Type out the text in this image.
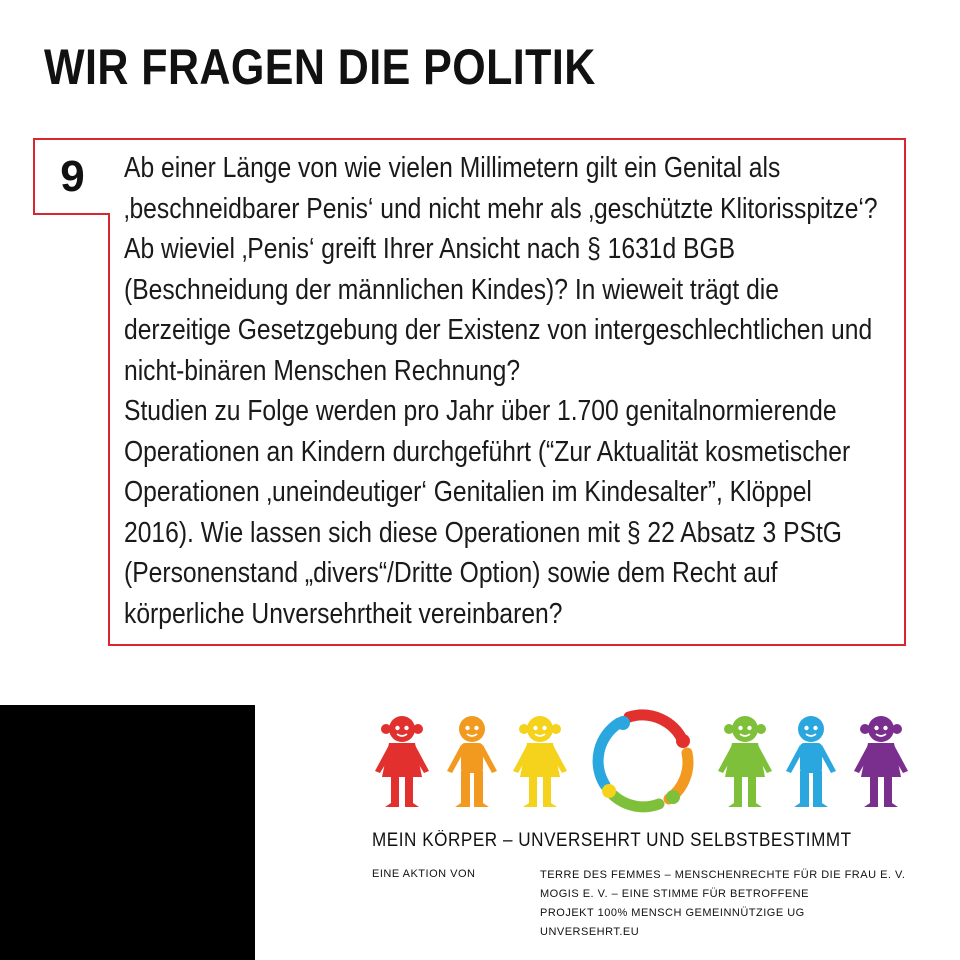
WIR FRAGEN DIE POLITIK
9 Ab einer Länge von wie vielen Millimetern gilt ein Genital als
‚beschneidbarer Penis‘ und nicht mehr als ‚geschützte Klitorisspitze‘?
Ab wieviel ‚Penis‘ greift Ihrer Ansicht nach § 1631d BGB
(Beschneidung der männlichen Kindes)? In wieweit trägt die
derzeitige Gesetzgebung der Existenz von intergeschlechtlichen und
nicht-binären Menschen Rechnung?
Studien zu Folge werden pro Jahr über 1.700 genitalnormierende
Operationen an Kindern durchgeführt (“Zur Aktualität kosmetischer
Operationen ‚uneindeutiger‘ Genitalien im Kindesalter”, Klöppel
2016). Wie lassen sich diese Operationen mit § 22 Absatz 3 PStG
(Personenstand „divers“/Dritte Option) sowie dem Recht auf
körperliche Unversehrtheit vereinbaren?
MEIN KÖRPER – UNVERSEHRT UND SELBSTBESTIMMT
EINE AKTION VON	TERRE DES FEMMES – MENSCHENRECHTE FÜR DIE FRAU E. V.
MOGIS E. V. – EINE STIMME FÜR BETROFFENE
PROJEKT 100% MENSCH GEMEINNÜTZIGE UG
UNVERSEHRT.EU
